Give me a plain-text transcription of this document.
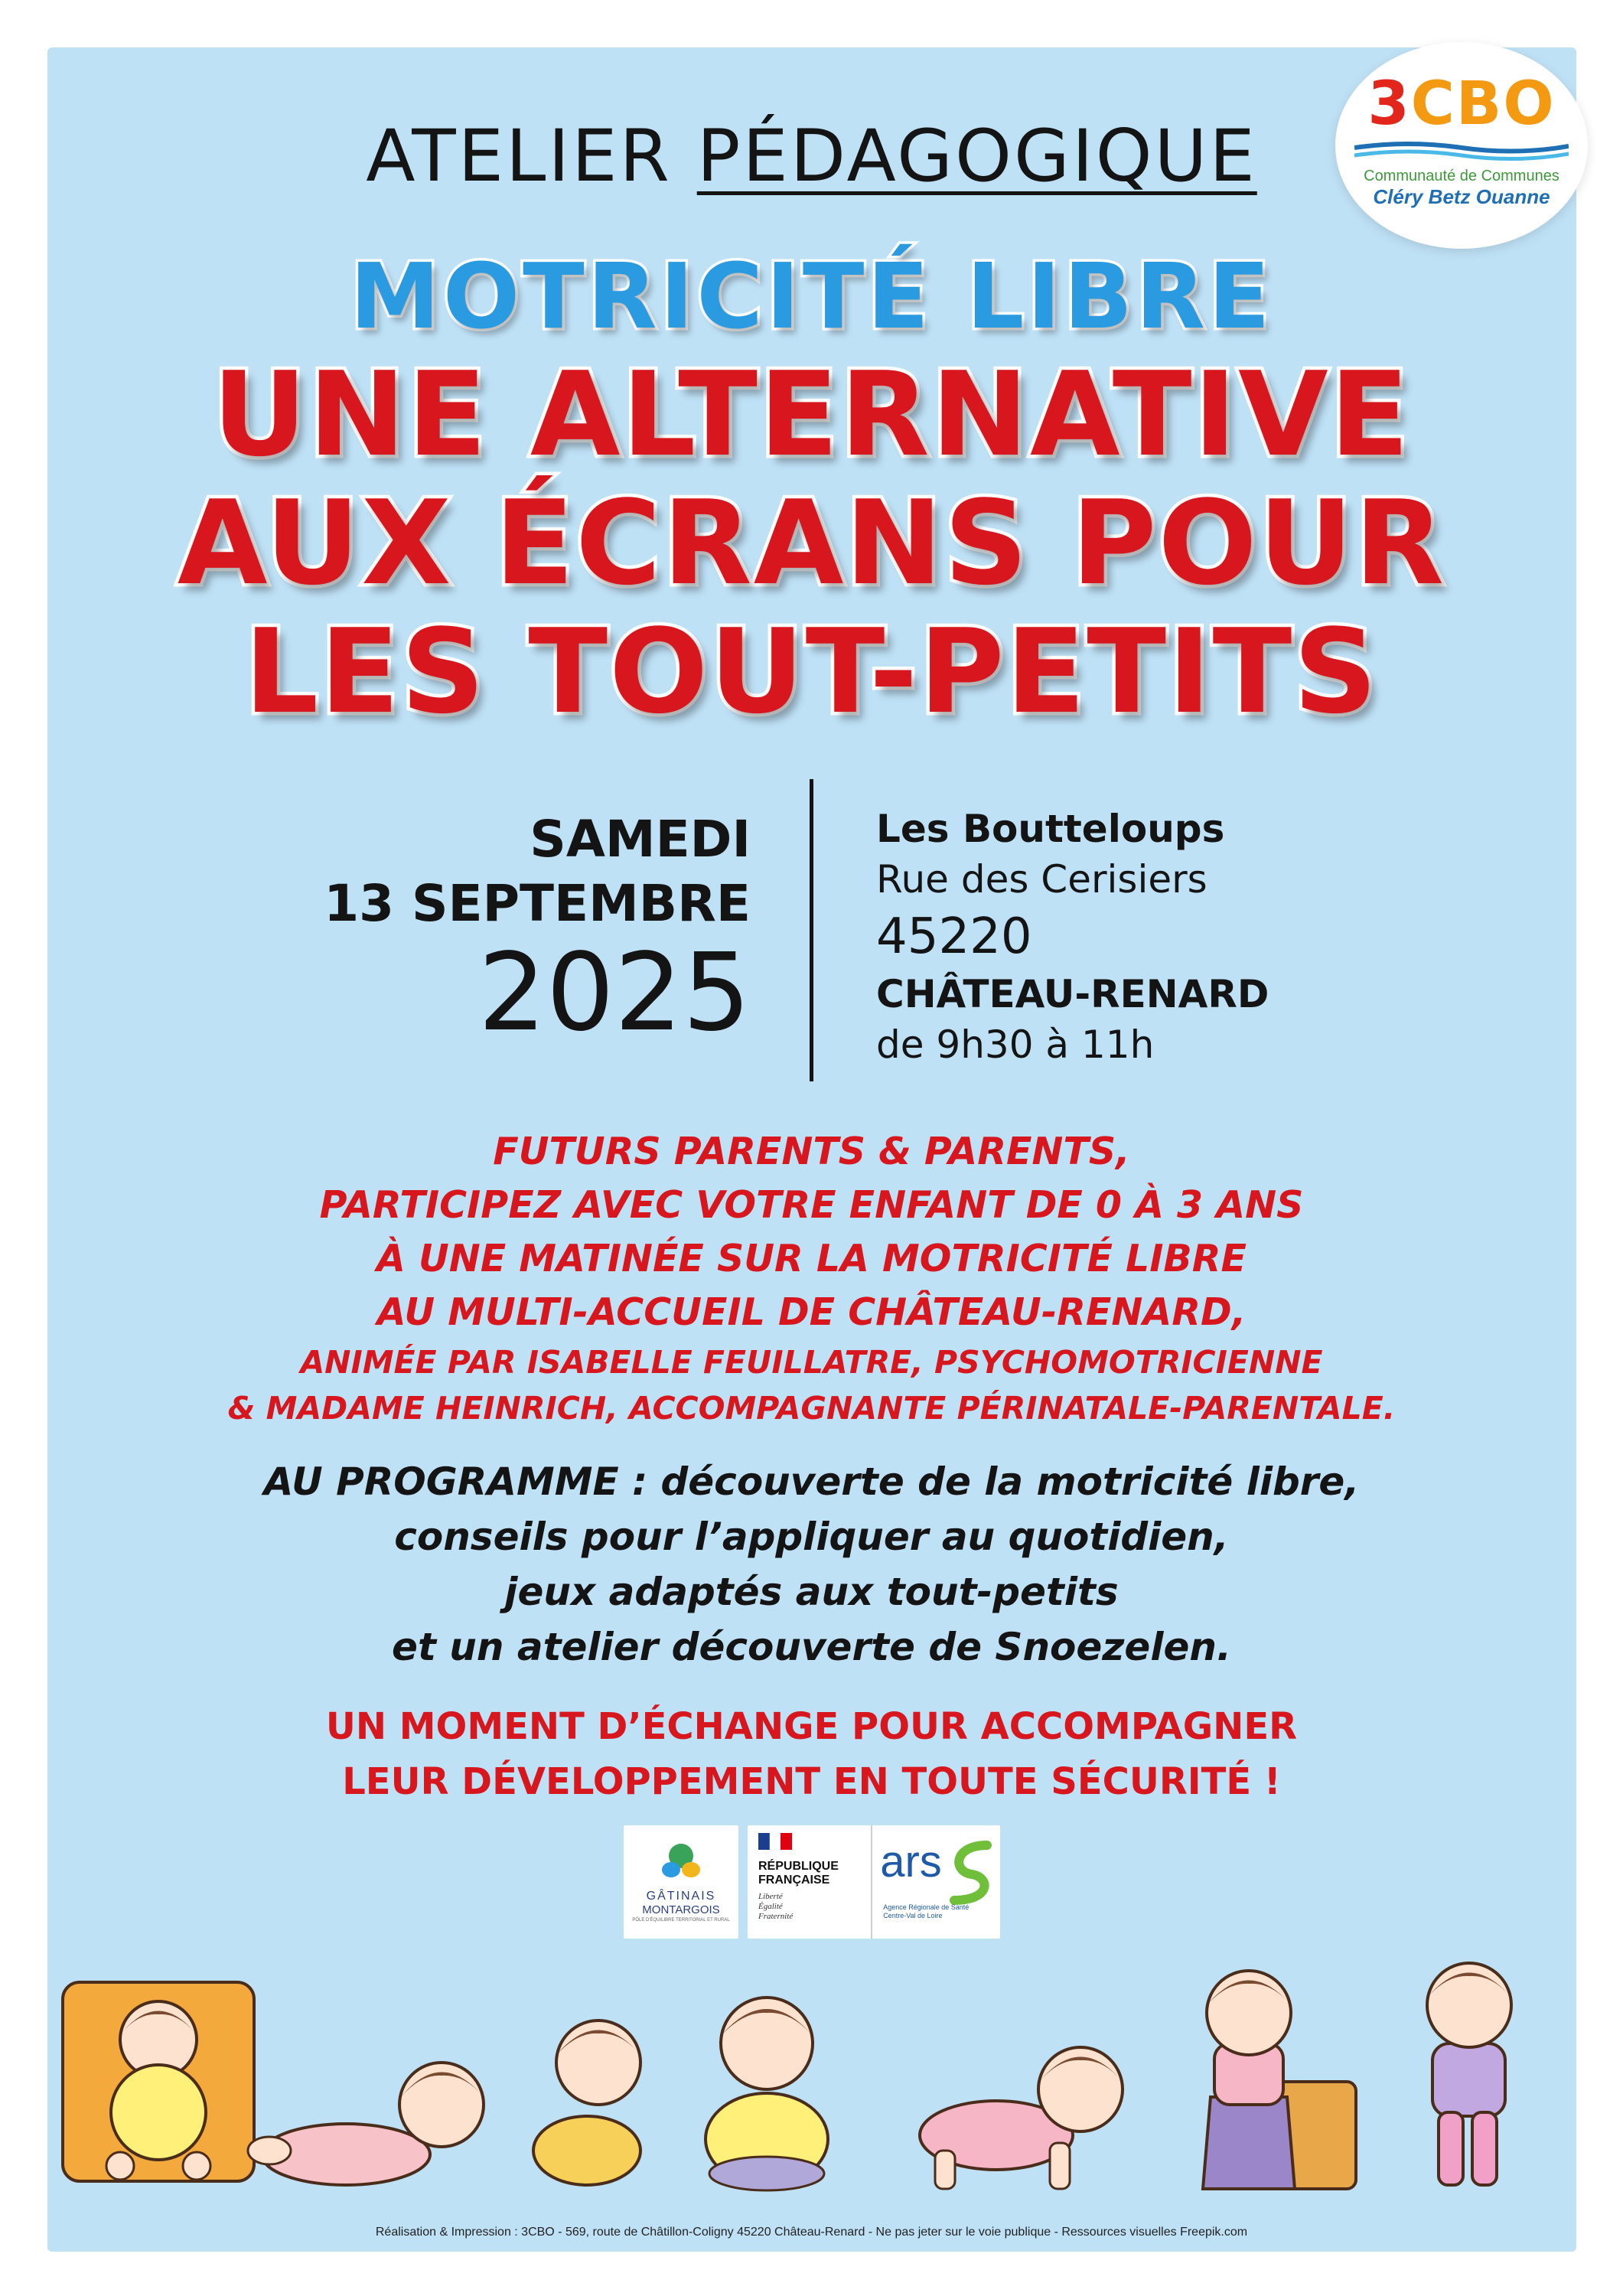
3CBO
Communauté de Communes
Cléry Betz Ouanne
ATELIER PÉDAGOGIQUE
MOTRICITÉ LIBRE
UNE ALTERNATIVE
AUX ÉCRANS POUR
LES TOUT-PETITS
SAMEDI
13 SEPTEMBRE
2025
Les Boutteloups
Rue des Cerisiers
45220
CHÂTEAU-RENARD
de 9h30 à 11h
FUTURS PARENTS & PARENTS,
PARTICIPEZ AVEC VOTRE ENFANT DE 0 À 3 ANS
À UNE MATINÉE SUR LA MOTRICITÉ LIBRE
AU MULTI-ACCUEIL DE CHÂTEAU-RENARD,
ANIMÉE PAR ISABELLE FEUILLATRE, PSYCHOMOTRICIENNE
& MADAME HEINRICH, ACCOMPAGNANTE PÉRINATALE-PARENTALE.
AU PROGRAMME : découverte de la motricité libre,
conseils pour l’appliquer au quotidien,
jeux adaptés aux tout-petits
et un atelier découverte de Snoezelen.
UN MOMENT D’ÉCHANGE POUR ACCOMPAGNER
LEUR DÉVELOPPEMENT EN TOUTE SÉCURITÉ !
GÂTINAIS
MONTARGOIS
PÔLE D'ÉQUILIBRE TERRITORIAL ET RURAL
RÉPUBLIQUE
FRANÇAISE
Liberté
Égalité
Fraternité
ars
Agence Régionale de Santé
Centre-Val de Loire
Réalisation & Impression : 3CBO - 569, route de Châtillon-Coligny 45220 Château-Renard - Ne pas jeter sur le voie publique - Ressources visuelles Freepik.com
